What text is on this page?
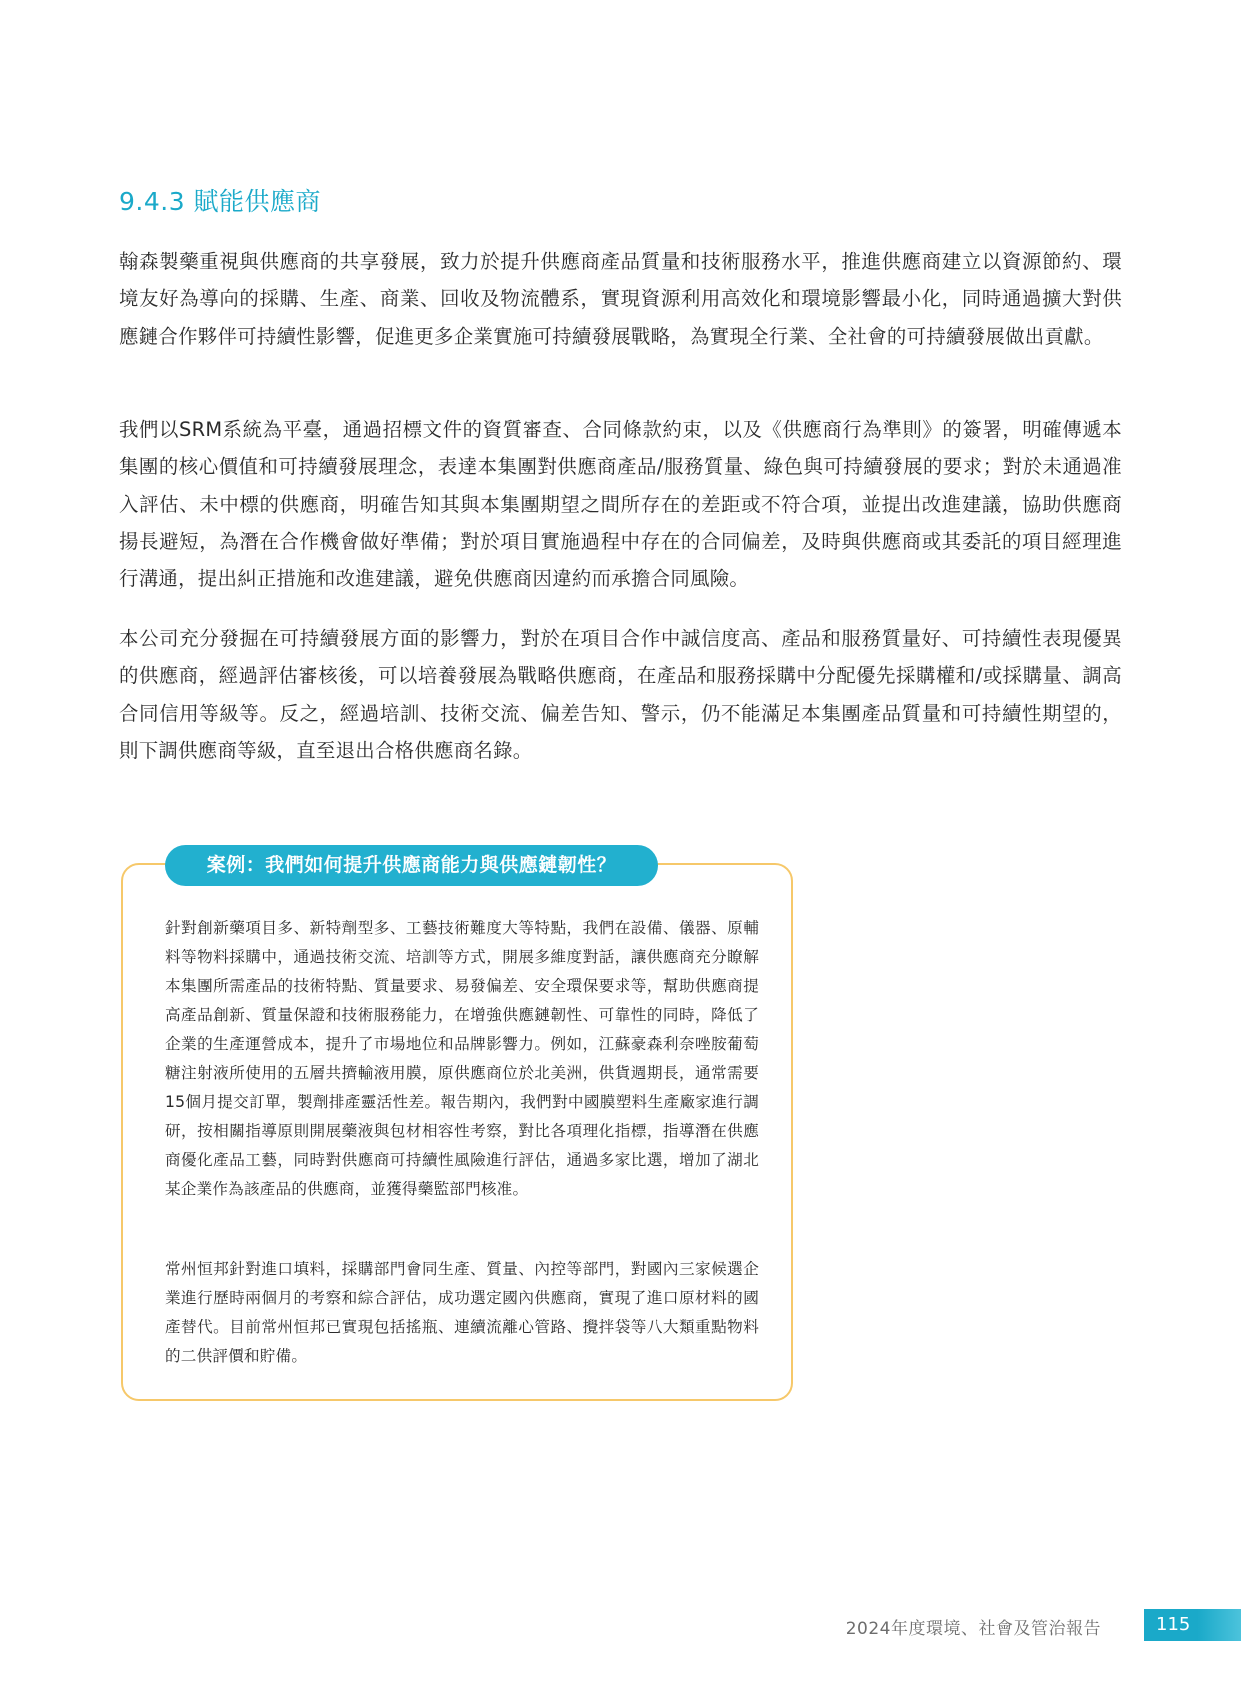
9.4.3 賦能供應商

翰森製藥重視與供應商的共享發展，致力於提升供應商產品質量和技術服務水平，推進供應商建立以資源節約、環境友好為導向的採購、生產、商業、回收及物流體系，實現資源利用高效化和環境影響最小化，同時通過擴大對供應鏈合作夥伴可持續性影響，促進更多企業實施可持續發展戰略，為實現全行業、全社會的可持續發展做出貢獻。

我們以SRM系統為平臺，通過招標文件的資質審查、合同條款約束，以及《供應商行為準則》的簽署，明確傳遞本集團的核心價值和可持續發展理念，表達本集團對供應商產品/服務質量、綠色與可持續發展的要求；對於未通過准入評估、未中標的供應商，明確告知其與本集團期望之間所存在的差距或不符合項，並提出改進建議，協助供應商揚長避短，為潛在合作機會做好準備；對於項目實施過程中存在的合同偏差，及時與供應商或其委託的項目經理進行溝通，提出糾正措施和改進建議，避免供應商因違約而承擔合同風險。

本公司充分發掘在可持續發展方面的影響力，對於在項目合作中誠信度高、產品和服務質量好、可持續性表現優異的供應商，經過評估審核後，可以培養發展為戰略供應商，在產品和服務採購中分配優先採購權和/或採購量、調高合同信用等級等。反之，經過培訓、技術交流、偏差告知、警示，仍不能滿足本集團產品質量和可持續性期望的，則下調供應商等級，直至退出合格供應商名錄。

案例：我們如何提升供應商能力與供應鏈韌性？

針對創新藥項目多、新特劑型多、工藝技術難度大等特點，我們在設備、儀器、原輔料等物料採購中，通過技術交流、培訓等方式，開展多維度對話，讓供應商充分瞭解本集團所需產品的技術特點、質量要求、易發偏差、安全環保要求等，幫助供應商提高產品創新、質量保證和技術服務能力，在增強供應鏈韌性、可靠性的同時，降低了企業的生產運營成本，提升了市場地位和品牌影響力。例如，江蘇豪森利奈唑胺葡萄糖注射液所使用的五層共擠輸液用膜，原供應商位於北美洲，供貨週期長，通常需要15個月提交訂單，製劑排產靈活性差。報告期內，我們對中國膜塑料生產廠家進行調研，按相關指導原則開展藥液與包材相容性考察，對比各項理化指標，指導潛在供應商優化產品工藝，同時對供應商可持續性風險進行評估，通過多家比選，增加了湖北某企業作為該產品的供應商，並獲得藥監部門核准。

常州恒邦針對進口填料，採購部門會同生產、質量、內控等部門，對國內三家候選企業進行歷時兩個月的考察和綜合評估，成功選定國內供應商，實現了進口原材料的國產替代。目前常州恒邦已實現包括搖瓶、連續流離心管路、攪拌袋等八大類重點物料的二供評價和貯備。

2024年度環境、社會及管治報告	115
